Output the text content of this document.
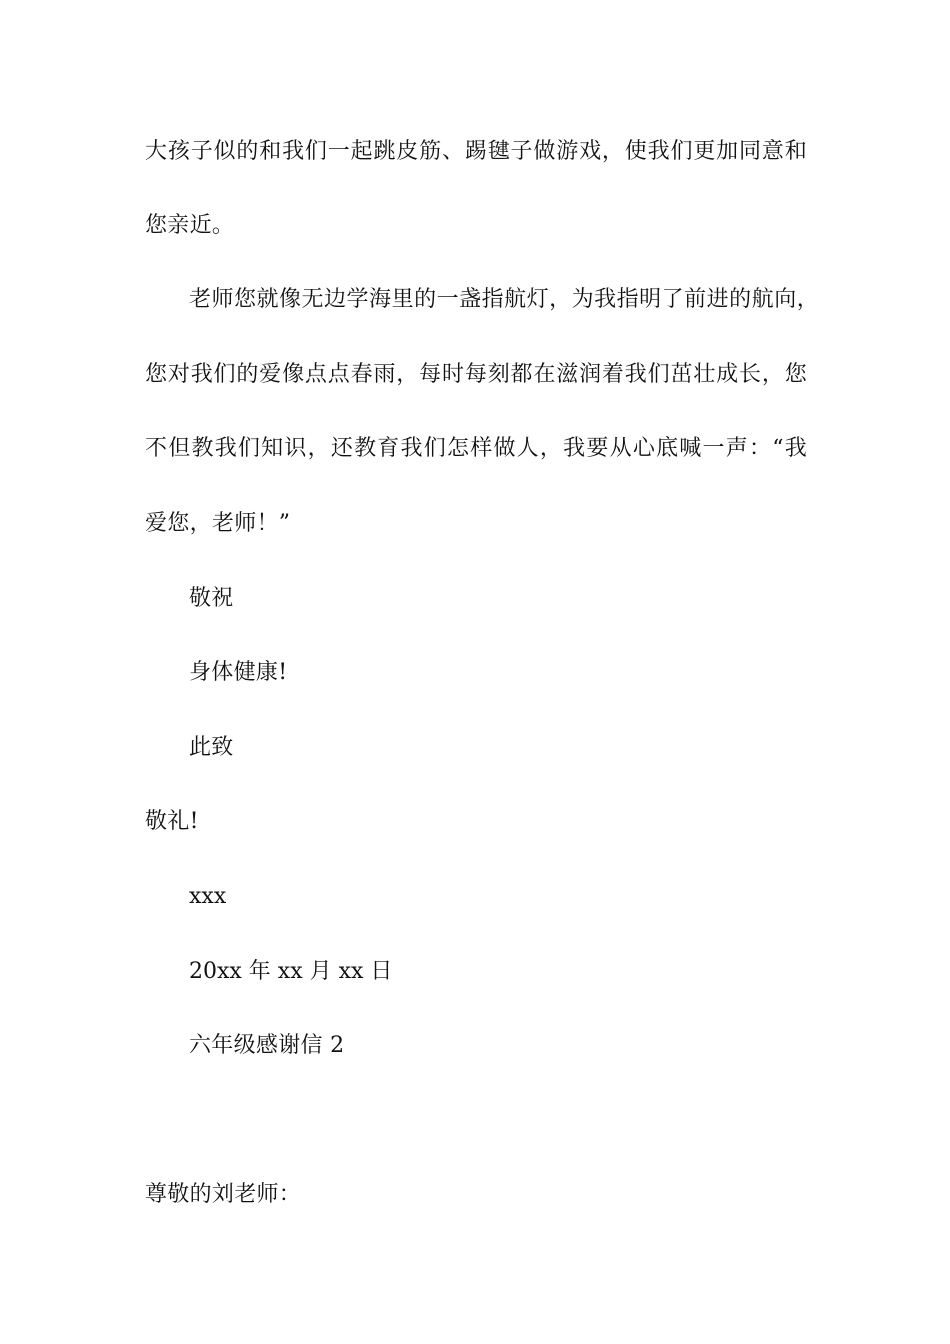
大孩子似的和我们一起跳皮筋、踢毽子做游戏，使我们更加同意和
您亲近。
老师您就像无边学海里的一盏指航灯，为我指明了前进的航向，
您对我们的爱像点点春雨，每时每刻都在滋润着我们茁壮成长，您
不但教我们知识，还教育我们怎样做人，我要从心底喊一声：“我
爱您，老师！”
敬祝
身体健康!
此致
敬礼!
xxx
20xx 年 xx 月 xx 日
六年级感谢信 2
尊敬的刘老师：
